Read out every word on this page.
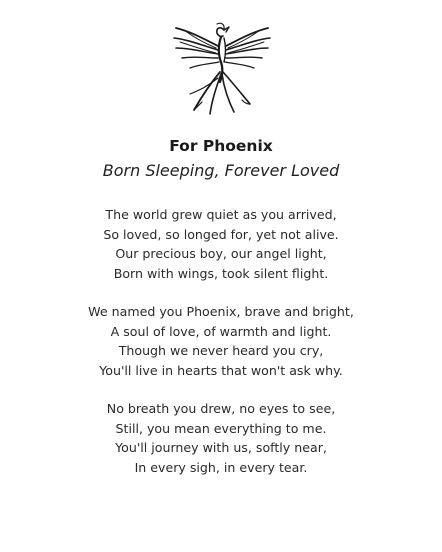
For Phoenix
Born Sleeping, Forever Loved
The world grew quiet as you arrived,
So loved, so longed for, yet not alive.
Our precious boy, our angel light,
Born with wings, took silent flight.
We named you Phoenix, brave and bright,
A soul of love, of warmth and light.
Though we never heard you cry,
You'll live in hearts that won't ask why.
No breath you drew, no eyes to see,
Still, you mean everything to me.
You'll journey with us, softly near,
In every sigh, in every tear.
